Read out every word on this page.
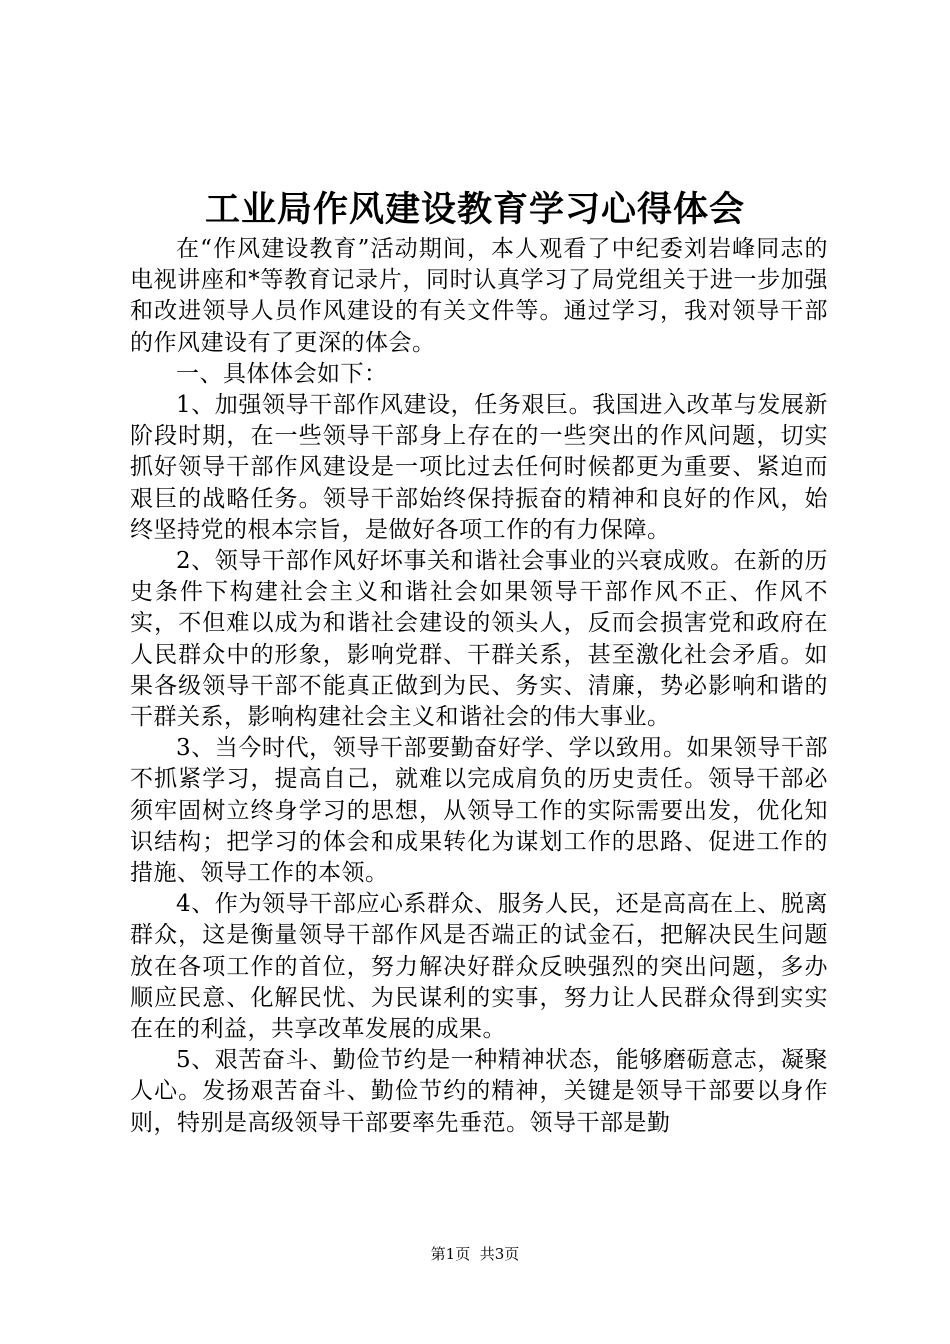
工业局作风建设教育学习心得体会

在“作风建设教育”活动期间，本人观看了中纪委刘岩峰同志的电视讲座和*等教育记录片，同时认真学习了局党组关于进一步加强和改进领导人员作风建设的有关文件等。通过学习，我对领导干部的作风建设有了更深的体会。

一、具体体会如下：

1、加强领导干部作风建设，任务艰巨。我国进入改革与发展新阶段时期，在一些领导干部身上存在的一些突出的作风问题，切实抓好领导干部作风建设是一项比过去任何时候都更为重要、紧迫而艰巨的战略任务。领导干部始终保持振奋的精神和良好的作风，始终坚持党的根本宗旨，是做好各项工作的有力保障。

2、领导干部作风好坏事关和谐社会事业的兴衰成败。在新的历史条件下构建社会主义和谐社会如果领导干部作风不正、作风不实，不但难以成为和谐社会建设的领头人，反而会损害党和政府在人民群众中的形象，影响党群、干群关系，甚至激化社会矛盾。如果各级领导干部不能真正做到为民、务实、清廉，势必影响和谐的干群关系，影响构建社会主义和谐社会的伟大事业。

3、当今时代，领导干部要勤奋好学、学以致用。如果领导干部不抓紧学习，提高自己，就难以完成肩负的历史责任。领导干部必须牢固树立终身学习的思想，从领导工作的实际需要出发，优化知识结构；把学习的体会和成果转化为谋划工作的思路、促进工作的措施、领导工作的本领。

4、作为领导干部应心系群众、服务人民，还是高高在上、脱离群众，这是衡量领导干部作风是否端正的试金石，把解决民生问题放在各项工作的首位，努力解决好群众反映强烈的突出问题，多办顺应民意、化解民忧、为民谋利的实事，努力让人民群众得到实实在在的利益，共享改革发展的成果。

5、艰苦奋斗、勤俭节约是一种精神状态，能够磨砺意志，凝聚人心。发扬艰苦奋斗、勤俭节约的精神，关键是领导干部要以身作则，特别是高级领导干部要率先垂范。领导干部是勤

第1页 共3页
